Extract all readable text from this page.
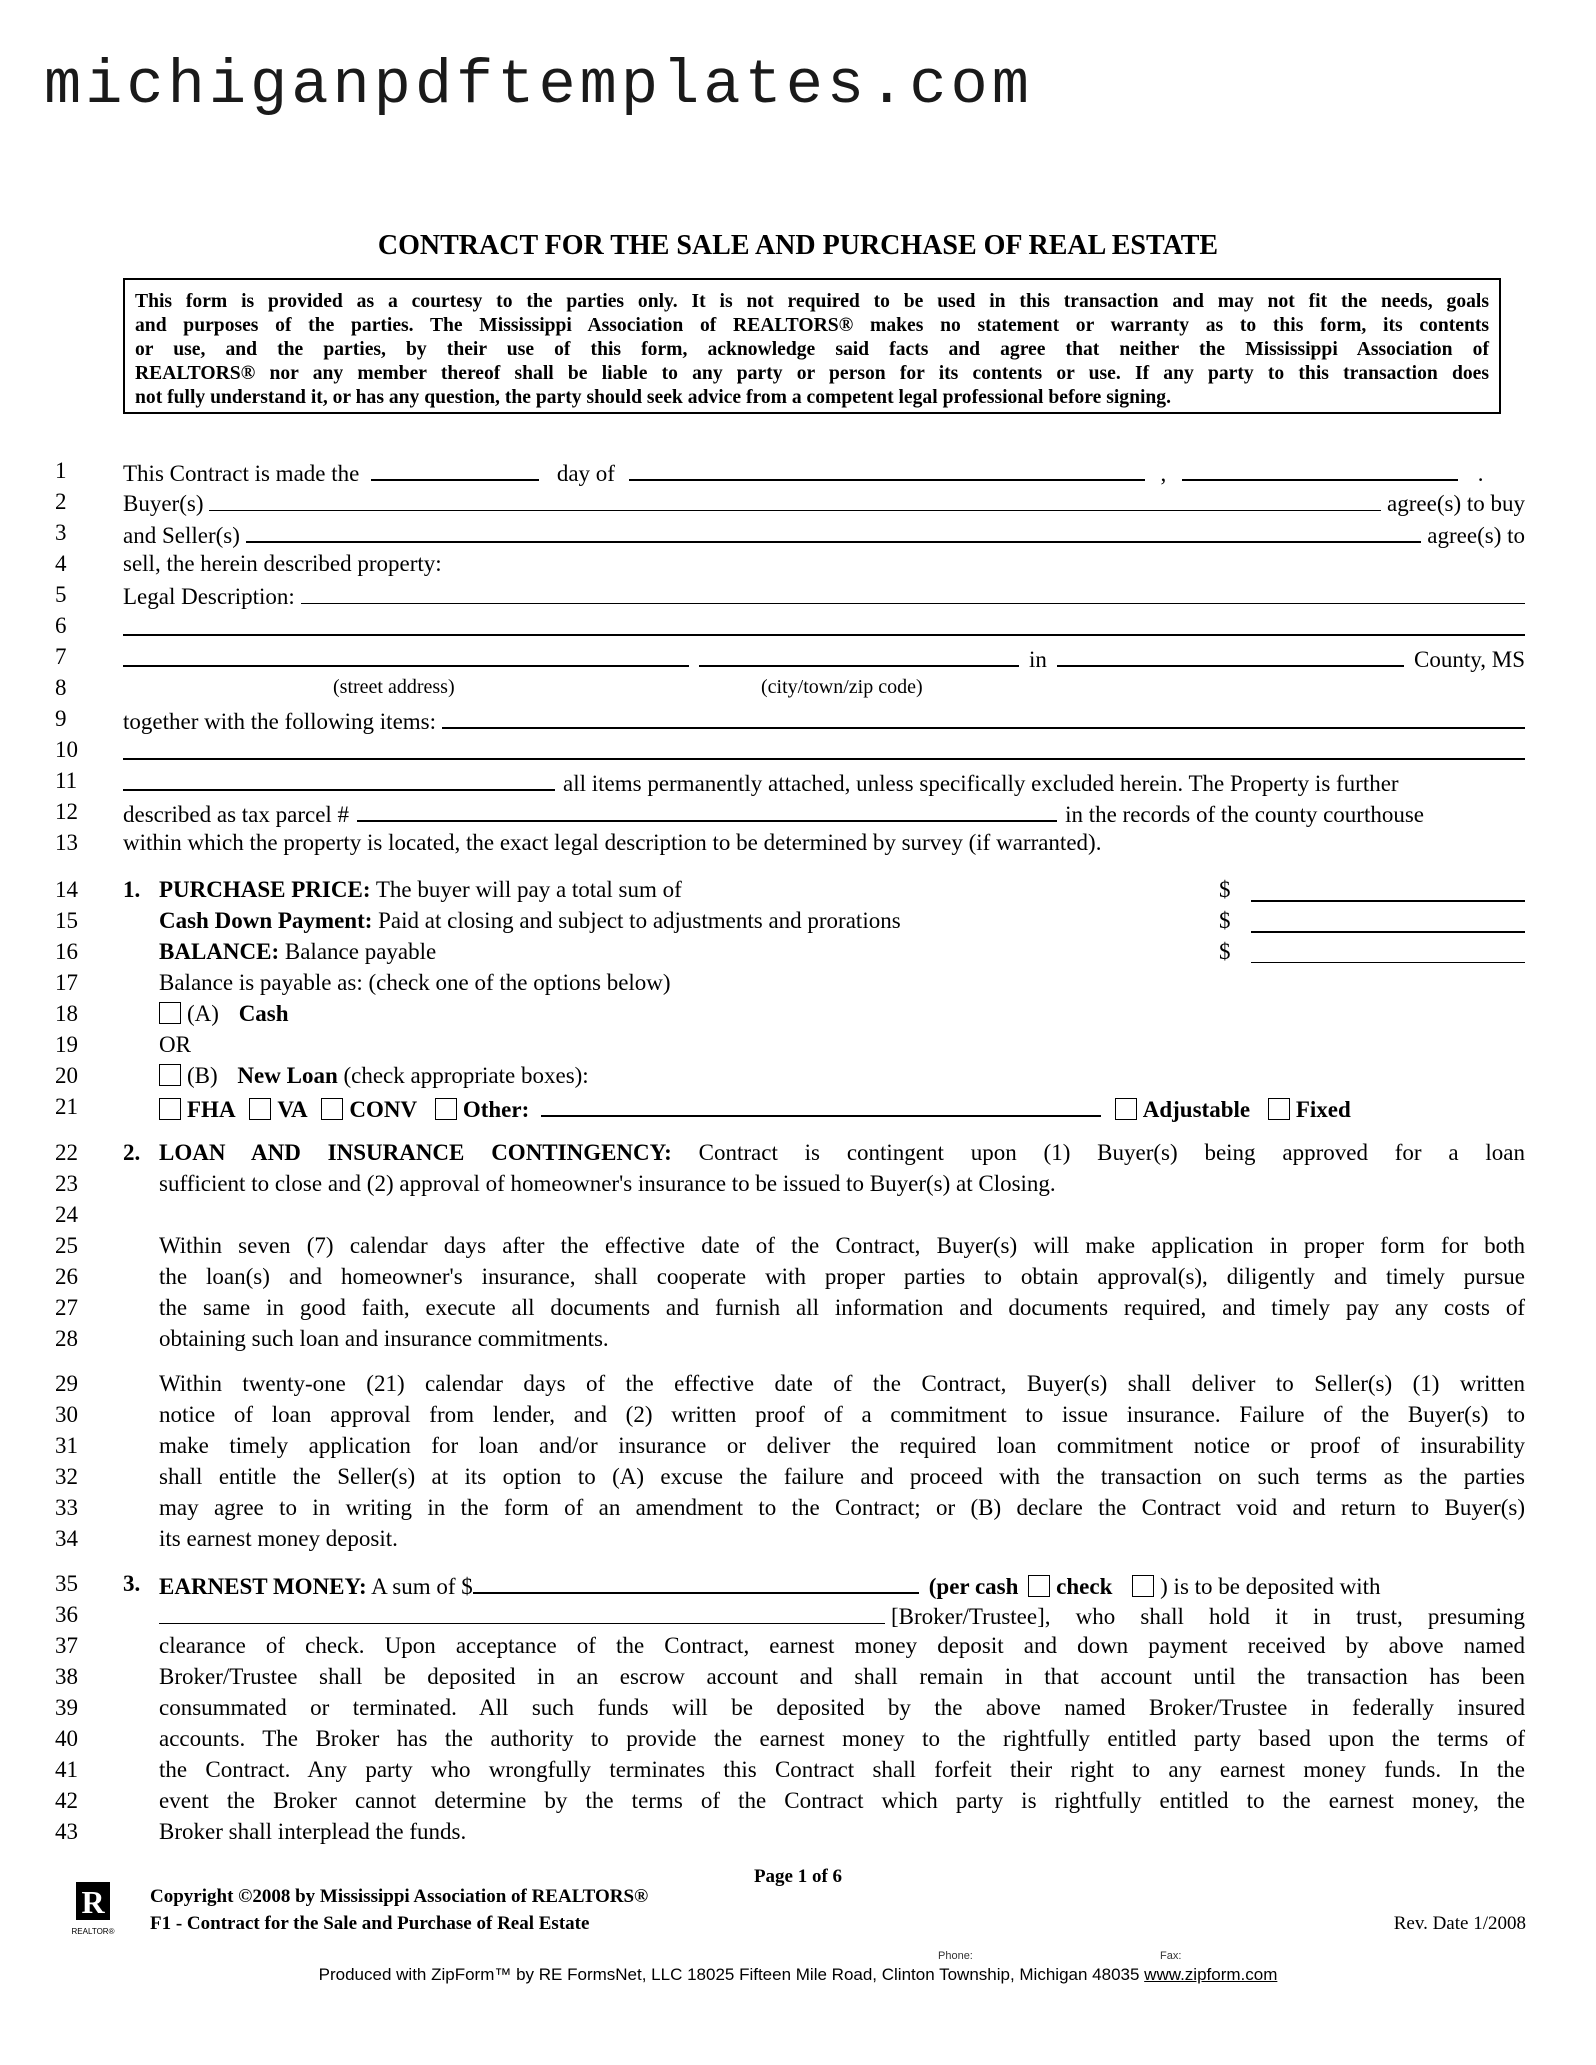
michiganpdftemplates.com
CONTRACT FOR THE SALE AND PURCHASE OF REAL ESTATE
This form is provided as a courtesy to the parties only. It is not required to be used in this transaction and may not fit the needs, goals
and purposes of the parties. The Mississippi Association of REALTORS® makes no statement or warranty as to this form, its contents
or use, and the parties, by their use of this form, acknowledge said facts and agree that neither the Mississippi Association of
REALTORS® nor any member thereof shall be liable to any party or person for its contents or use. If any party to this transaction does
not fully understand it, or has any question, the party should seek advice from a competent legal professional before signing.
1	This Contract is made the	day of	,	.
2	Buyer(s)	agree(s) to buy
3	and Seller(s)	agree(s) to
4	sell, the herein described property:
5	Legal Description:
6
7	in	County, MS
8	(street address)	(city/town/zip code)
9	together with the following items:
10
11	all items permanently attached, unless specifically excluded herein. The Property is further
12	described as tax parcel #	in the records of the county courthouse
13	within which the property is located, the exact legal description to be determined by survey (if warranted).
14	1. PURCHASE PRICE: The buyer will pay a total sum of	$
15	Cash Down Payment: Paid at closing and subject to adjustments and prorations	$
16	BALANCE: Balance payable	$
17	Balance is payable as: (check one of the options below)
18	(A) Cash
19	OR
20	(B) New Loan (check appropriate boxes):
21	FHA VA CONV Other:	Adjustable Fixed
22	2. LOAN AND INSURANCE CONTINGENCY: Contract is contingent upon (1) Buyer(s) being approved for a loan
23	sufficient to close and (2) approval of homeowner's insurance to be issued to Buyer(s) at Closing.
24
25	Within seven (7) calendar days after the effective date of the Contract, Buyer(s) will make application in proper form for both
26	the loan(s) and homeowner's insurance, shall cooperate with proper parties to obtain approval(s), diligently and timely pursue
27	the same in good faith, execute all documents and furnish all information and documents required, and timely pay any costs of
28	obtaining such loan and insurance commitments.
29	Within twenty-one (21) calendar days of the effective date of the Contract, Buyer(s) shall deliver to Seller(s) (1) written
30	notice of loan approval from lender, and (2) written proof of a commitment to issue insurance. Failure of the Buyer(s) to
31	make timely application for loan and/or insurance or deliver the required loan commitment notice or proof of insurability
32	shall entitle the Seller(s) at its option to (A) excuse the failure and proceed with the transaction on such terms as the parties
33	may agree to in writing in the form of an amendment to the Contract; or (B) declare the Contract void and return to Buyer(s)
34	its earnest money deposit.
35	3. EARNEST MONEY: A sum of $	(per cash check ) is to be deposited with
36	[Broker/Trustee], who shall hold it in trust, presuming
37	clearance of check. Upon acceptance of the Contract, earnest money deposit and down payment received by above named
38	Broker/Trustee shall be deposited in an escrow account and shall remain in that account until the transaction has been
39	consummated or terminated. All such funds will be deposited by the above named Broker/Trustee in federally insured
40	accounts. The Broker has the authority to provide the earnest money to the rightfully entitled party based upon the terms of
41	the Contract. Any party who wrongfully terminates this Contract shall forfeit their right to any earnest money funds. In the
42	event the Broker cannot determine by the terms of the Contract which party is rightfully entitled to the earnest money, the
43	Broker shall interplead the funds.
Page 1 of 6
R
REALTOR®
Copyright ©2008 by Mississippi Association of REALTORS®
F1 - Contract for the Sale and Purchase of Real Estate	Rev. Date 1/2008
Phone:	Fax:
Produced with ZipForm™ by RE FormsNet, LLC 18025 Fifteen Mile Road, Clinton Township, Michigan 48035 www.zipform.com
